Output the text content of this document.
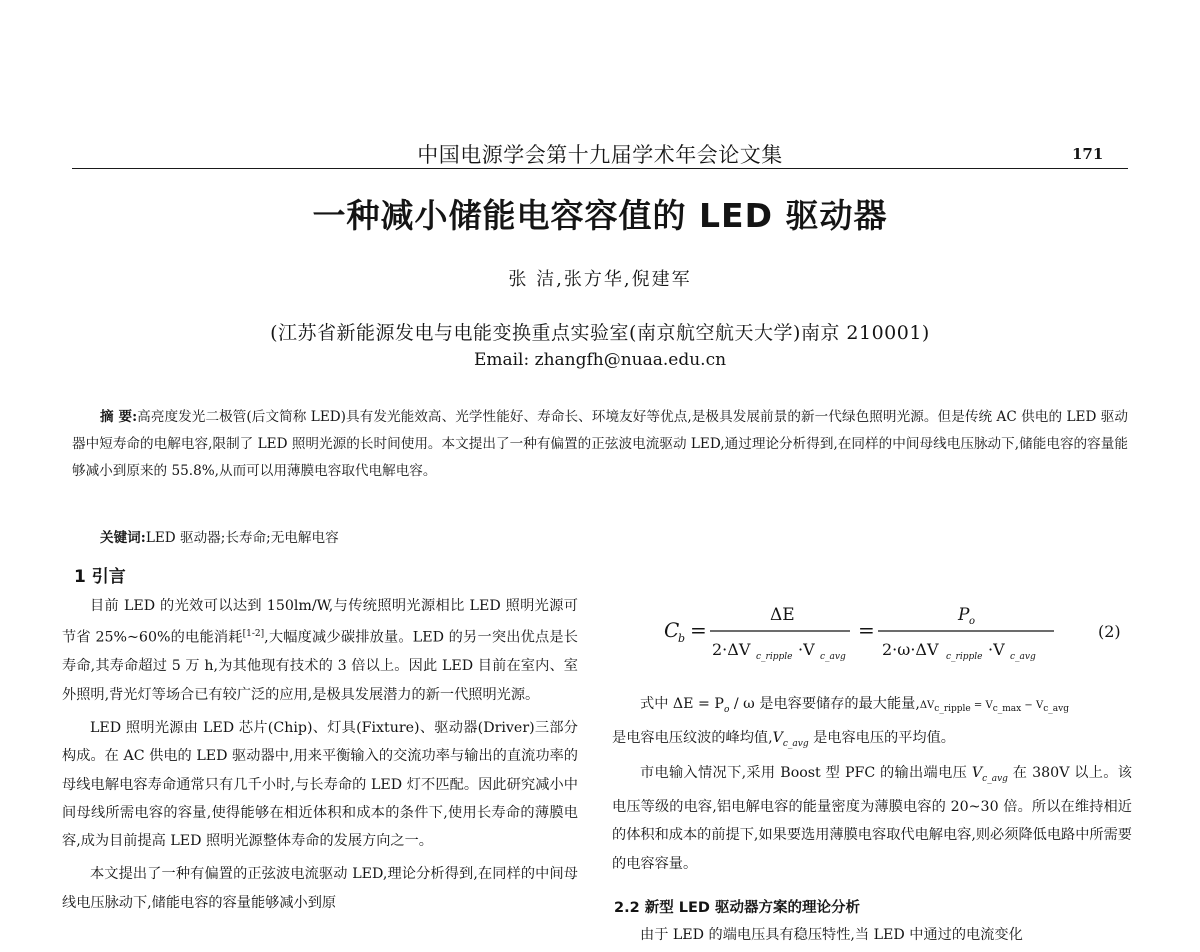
中国电源学会第十九届学术年会论文集	171
一种减小储能电容容值的 LED 驱动器
张 洁,张方华,倪建军
(江苏省新能源发电与电能变换重点实验室(南京航空航天大学)南京 210001)
Email: zhangfh@nuaa.edu.cn
摘 要:高亮度发光二极管(后文简称 LED)具有发光能效高、光学性能好、寿命长、环境友好等优点,是极具发展前景的新一代绿色照明光源。但是传统 AC 供电的 LED 驱动器中短寿命的电解电容,限制了 LED 照明光源的长时间使用。本文提出了一种有偏置的正弦波电流驱动 LED,通过理论分析得到,在同样的中间母线电压脉动下,储能电容的容量能够减小到原来的 55.8%,从而可以用薄膜电容取代电解电容。
关键词:LED 驱动器;长寿命;无电解电容
1 引言

目前 LED 的光效可以达到 150lm/W,与传统照明光源相比 LED 照明光源可节省 25%~60%的电能消耗[1-2],大幅度减少碳排放量。LED 的另一突出优点是长寿命,其寿命超过 5 万 h,为其他现有技术的 3 倍以上。因此 LED 目前在室内、室外照明,背光灯等场合已有较广泛的应用,是极具发展潜力的新一代照明光源。

LED 照明光源由 LED 芯片(Chip)、灯具(Fixture)、驱动器(Driver)三部分构成。在 AC 供电的 LED 驱动器中,用来平衡输入的交流功率与输出的直流功率的母线电解电容寿命通常只有几千小时,与长寿命的 LED 灯不匹配。因此研究减小中间母线所需电容的容量,使得能够在相近体积和成本的条件下,使用长寿命的薄膜电容,成为目前提高 LED 照明光源整体寿命的发展方向之一。

本文提出了一种有偏置的正弦波电流驱动 LED,理论分析得到,在同样的中间母线电压脉动下,储能电容的容量能够减小到原

C
b =
ΔE
2·ΔV c_ripple ·V c_avg
=
P o
2·ω·ΔV c_ripple ·V c_avg
(2)

式中 $\Delta E = P_o / \omega$ 是电容要储存的最大能量$,\Delta V_{c\_ripple} = V_{c\_max} - V_{c\_avg}$

是电容电压纹波的峰均值$,V_{c\_avg}$ 是电容电压的平均值。

市电输入情况下,采用 Boost 型 PFC 的输出端电压 $V_{c\_avg}$ 在 380V 以上。该电压等级的电容,铝电解电容的能量密度为薄膜电容的 20~30 倍。所以在维持相近的体积和成本的前提下,如果要选用薄膜电容取代电解电容,则必须降低电路中所需要的电容容量。

2.2 新型 LED 驱动器方案的理论分析
由于 LED 的端电压具有稳压特性,当 LED 中通过的电流变化
